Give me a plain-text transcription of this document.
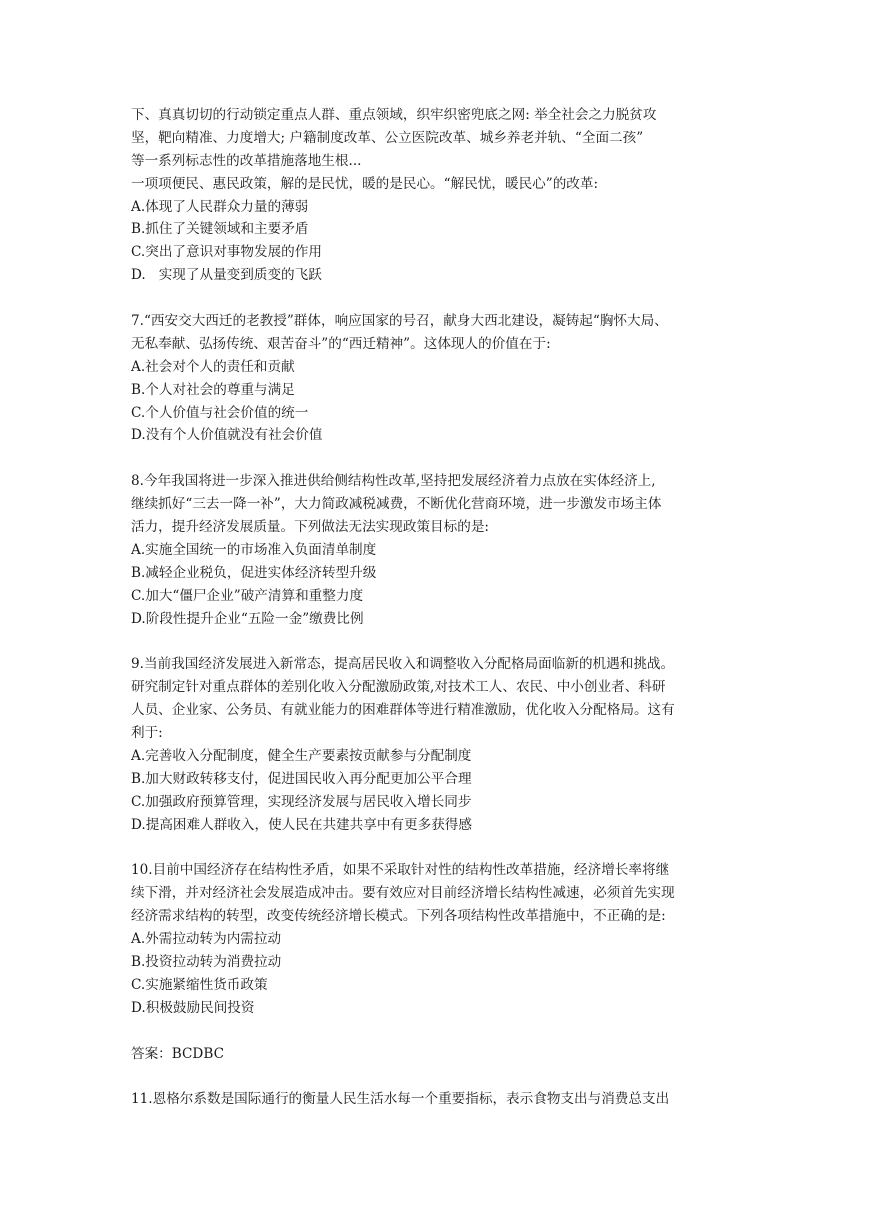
下、真真切切的行动锁定重点人群、重点领域，织牢织密兜底之网: 举全社会之力脱贫攻
坚，靶向精准、力度增大; 户籍制度改革、公立医院改革、城乡养老并轨、“全面二孩”
等一系列标志性的改革措施落地生根...
一项项便民、惠民政策，解的是民忧，暖的是民心。“解民忧，暖民心”的改革:
A.体现了人民群众力量的薄弱
B.抓住了关键领域和主要矛盾
C.突出了意识对事物发展的作用
D.   实现了从量变到质变的飞跃
7.“西安交大西迁的老教授”群体，响应国家的号召，献身大西北建设，凝铸起“胸怀大局、
无私奉献、弘扬传统、艰苦奋斗”的“西迁精神”。这体现人的价值在于:
A.社会对个人的责任和贡献
B.个人对社会的尊重与满足
C.个人价值与社会价值的统一
D.没有个人价值就没有社会价值
8.今年我国将进一步深入推进供给侧结构性改革,坚持把发展经济着力点放在实体经济上,
继续抓好“三去一降一补”，大力简政减税减费，不断优化营商环境，进一步激发市场主体
活力，提升经济发展质量。下列做法无法实现政策目标的是:
A.实施全国统一的市场准入负面清单制度
B.减轻企业税负，促进实体经济转型升级
C.加大“僵尸企业”破产清算和重整力度
D.阶段性提升企业“五险一金”缴费比例
9.当前我国经济发展进入新常态，提高居民收入和调整收入分配格局面临新的机遇和挑战。
研究制定针对重点群体的差别化收入分配激励政策,对技术工人、农民、中小创业者、科研
人员、企业家、公务员、有就业能力的困难群体等进行精准激励，优化收入分配格局。这有
利于:
A.完善收入分配制度，健全生产要素按贡献参与分配制度
B.加大财政转移支付，促进国民收入再分配更加公平合理
C.加强政府预算管理，实现经济发展与居民收入增长同步
D.提高困难人群收入，使人民在共建共享中有更多获得感
10.目前中国经济存在结构性矛盾，如果不采取针对性的结构性改革措施，经济增长率将继
续下滑，并对经济社会发展造成冲击。要有效应对目前经济增长结构性减速，必须首先实现
经济需求结构的转型，改变传统经济增长模式。下列各项结构性改革措施中，不正确的是:
A.外需拉动转为内需拉动
B.投资拉动转为消费拉动
C.实施紧缩性货币政策
D.积极鼓励民间投资
答案：BCDBC
11.恩格尔系数是国际通行的衡量人民生活水每一个重要指标，表示食物支出与消费总支出
